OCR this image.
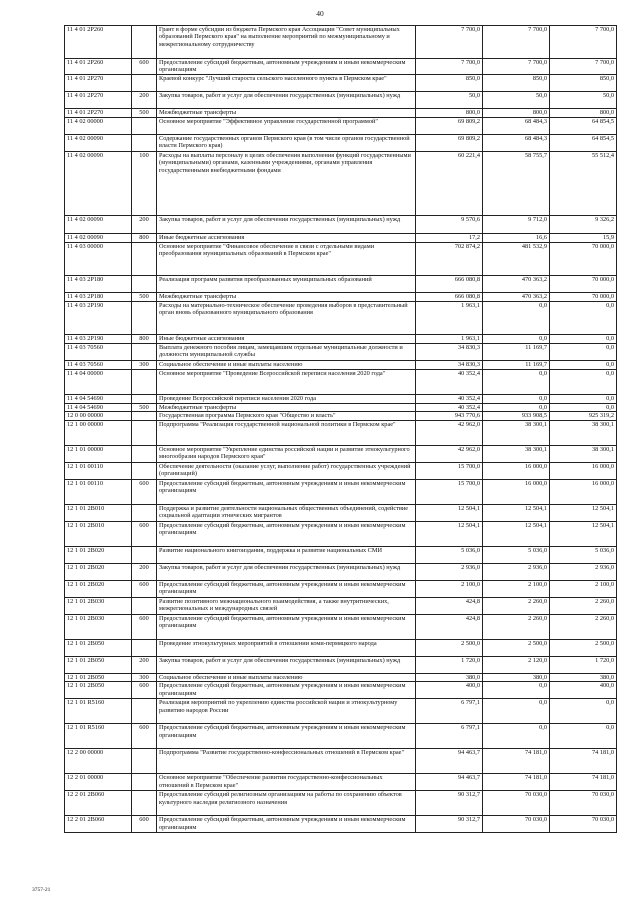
40
11 4 01 2Р260		Грант в форме субсидии из бюджета Пермского края Ассоциации "Совет муниципальных образований Пермского края" на выполнение мероприятий по межмуниципальному и межрегиональному сотрудничеству	7 700,0	7 700,0	7 700,0
11 4 01 2Р260	600	Предоставление субсидий бюджетным, автономным учреждениям и иным некоммерческим организациям	7 700,0	7 700,0	7 700,0
11 4 01 2Р270		Краевой конкурс "Лучший староста сельского населенного пункта в Пермском крае"	850,0	850,0	850,0
11 4 01 2Р270	200	Закупка товаров, работ и услуг для обеспечения государственных (муниципальных) нужд	50,0	50,0	50,0
11 4 01 2Р270	500	Межбюджетные трансферты	800,0	800,0	800,0
11 4 02 00000		Основное мероприятие "Эффективное управление государственной программой"	69 809,2	68 484,3	64 854,5
11 4 02 00090		Содержание государственных органов Пермского края (в том числе органов государственной власти Пермского края)	69 809,2	68 484,3	64 854,5
11 4 02 00090	100	Расходы на выплаты персоналу в целях обеспечения выполнения функций государственными (муниципальными) органами, казенными учреждениями, органами управления государственными внебюджетными фондами	60 221,4	58 755,7	55 512,4
11 4 02 00090	200	Закупка товаров, работ и услуг для обеспечения государственных (муниципальных) нужд	9 570,6	9 712,0	9 326,2
11 4 02 00090	800	Иные бюджетные ассигнования	17,2	16,6	15,9
11 4 03 00000		Основное мероприятие "Финансовое обеспечение в связи с отдельными видами преобразования муниципальных образований в Пермском крае"	702 874,2	481 532,9	70 000,0
11 4 03 2Р180		Реализация программ развития преобразованных муниципальных образований	666 080,8	470 363,2	70 000,0
11 4 03 2Р180	500	Межбюджетные трансферты	666 080,8	470 363,2	70 000,0
11 4 03 2Р190		Расходы на материально-техническое обеспечение проведения выборов в представительный орган вновь образованного муниципального образования	1 963,1	0,0	0,0
11 4 03 2Р190	800	Иные бюджетные ассигнования	1 963,1	0,0	0,0
11 4 03 70560		Выплата денежного пособия лицам, замещавшим отдельные муниципальные должности и должности муниципальной службы	34 830,3	11 169,7	0,0
11 4 03 70560	300	Социальное обеспечение и иные выплаты населению	34 830,3	11 169,7	0,0
11 4 04 00000		Основное мероприятие "Проведение Всероссийской переписи населения 2020 года"	40 352,4	0,0	0,0
11 4 04 54690		Проведение Всероссийской переписи населения 2020 года	40 352,4	0,0	0,0
11 4 04 54690	500	Межбюджетные трансферты	40 352,4	0,0	0,0
12 0 00 00000		Государственная программа Пермского края "Общество и власть"	943 770,6	933 908,5	925 319,2
12 1 00 00000		Подпрограмма "Реализация государственной национальной политики в Пермском крае"	42 962,0	38 300,1	38 300,1
12 1 01 00000		Основное мероприятие "Укрепление единства российской нации и развитие этнокультурного многообразия народов Пермского края"	42 962,0	38 300,1	38 300,1
12 1 01 00110		Обеспечение деятельности (оказание услуг, выполнение работ) государственных учреждений (организаций)	15 700,0	16 000,0	16 000,0
12 1 01 00110	600	Предоставление субсидий бюджетным, автономным учреждениям и иным некоммерческим организациям	15 700,0	16 000,0	16 000,0
12 1 01 2В010		Поддержка и развитие деятельности национальных общественных объединений, содействие социальной адаптации этнических мигрантов	12 504,1	12 504,1	12 504,1
12 1 01 2В010	600	Предоставление субсидий бюджетным, автономным учреждениям и иным некоммерческим организациям	12 504,1	12 504,1	12 504,1
12 1 01 2В020		Развитие национального книгоиздания, поддержка и развитие национальных СМИ	5 036,0	5 036,0	5 036,0
12 1 01 2В020	200	Закупка товаров, работ и услуг для обеспечения государственных (муниципальных) нужд	2 936,0	2 936,0	2 936,0
12 1 01 2В020	600	Предоставление субсидий бюджетным, автономным учреждениям и иным некоммерческим организациям	2 100,0	2 100,0	2 100,0
12 1 01 2В030		Развитие позитивного межнационального взаимодействия, а также внутритнических, межрегиональных и международных связей	424,8	2 260,0	2 260,0
12 1 01 2В030	600	Предоставление субсидий бюджетным, автономным учреждениям и иным некоммерческим организациям	424,8	2 260,0	2 260,0
12 1 01 2В050		Проведение этнокультурных мероприятий в отношении коми-пермяцкого народа	2 500,0	2 500,0	2 500,0
12 1 01 2В050	200	Закупка товаров, работ и услуг для обеспечения государственных (муниципальных) нужд	1 720,0	2 120,0	1 720,0
12 1 01 2В050	300	Социальное обеспечение и иные выплаты населению	380,0	380,0	380,0
12 1 01 2В050	600	Предоставление субсидий бюджетным, автономным учреждениям и иным некоммерческим организациям	400,0	0,0	400,0
12 1 01 R5160		Реализация мероприятий по укреплению единства российской нации и этнокультурному развитию народов России	6 797,1	0,0	0,0
12 1 01 R5160	600	Предоставление субсидий бюджетным, автономным учреждениям и иным некоммерческим организациям	6 797,1	0,0	0,0
12 2 00 00000		Подпрограмма "Развитие государственно-конфессиональных отношений в Пермском крае"	94 463,7	74 181,0	74 181,0
12 2 01 00000		Основное мероприятие "Обеспечение развития государственно-конфессиональных отношений в Пермском крае"	94 463,7	74 181,0	74 181,0
12 2 01 2В060		Предоставление субсидий религиозным организациям на работы по сохранению объектов культурного наследия религиозного назначения	90 312,7	70 030,0	70 030,0
12 2 01 2В060	600	Предоставление субсидий бюджетным, автономным учреждениям и иным некоммерческим организациям	90 312,7	70 030,0	70 030,0
3757-21
